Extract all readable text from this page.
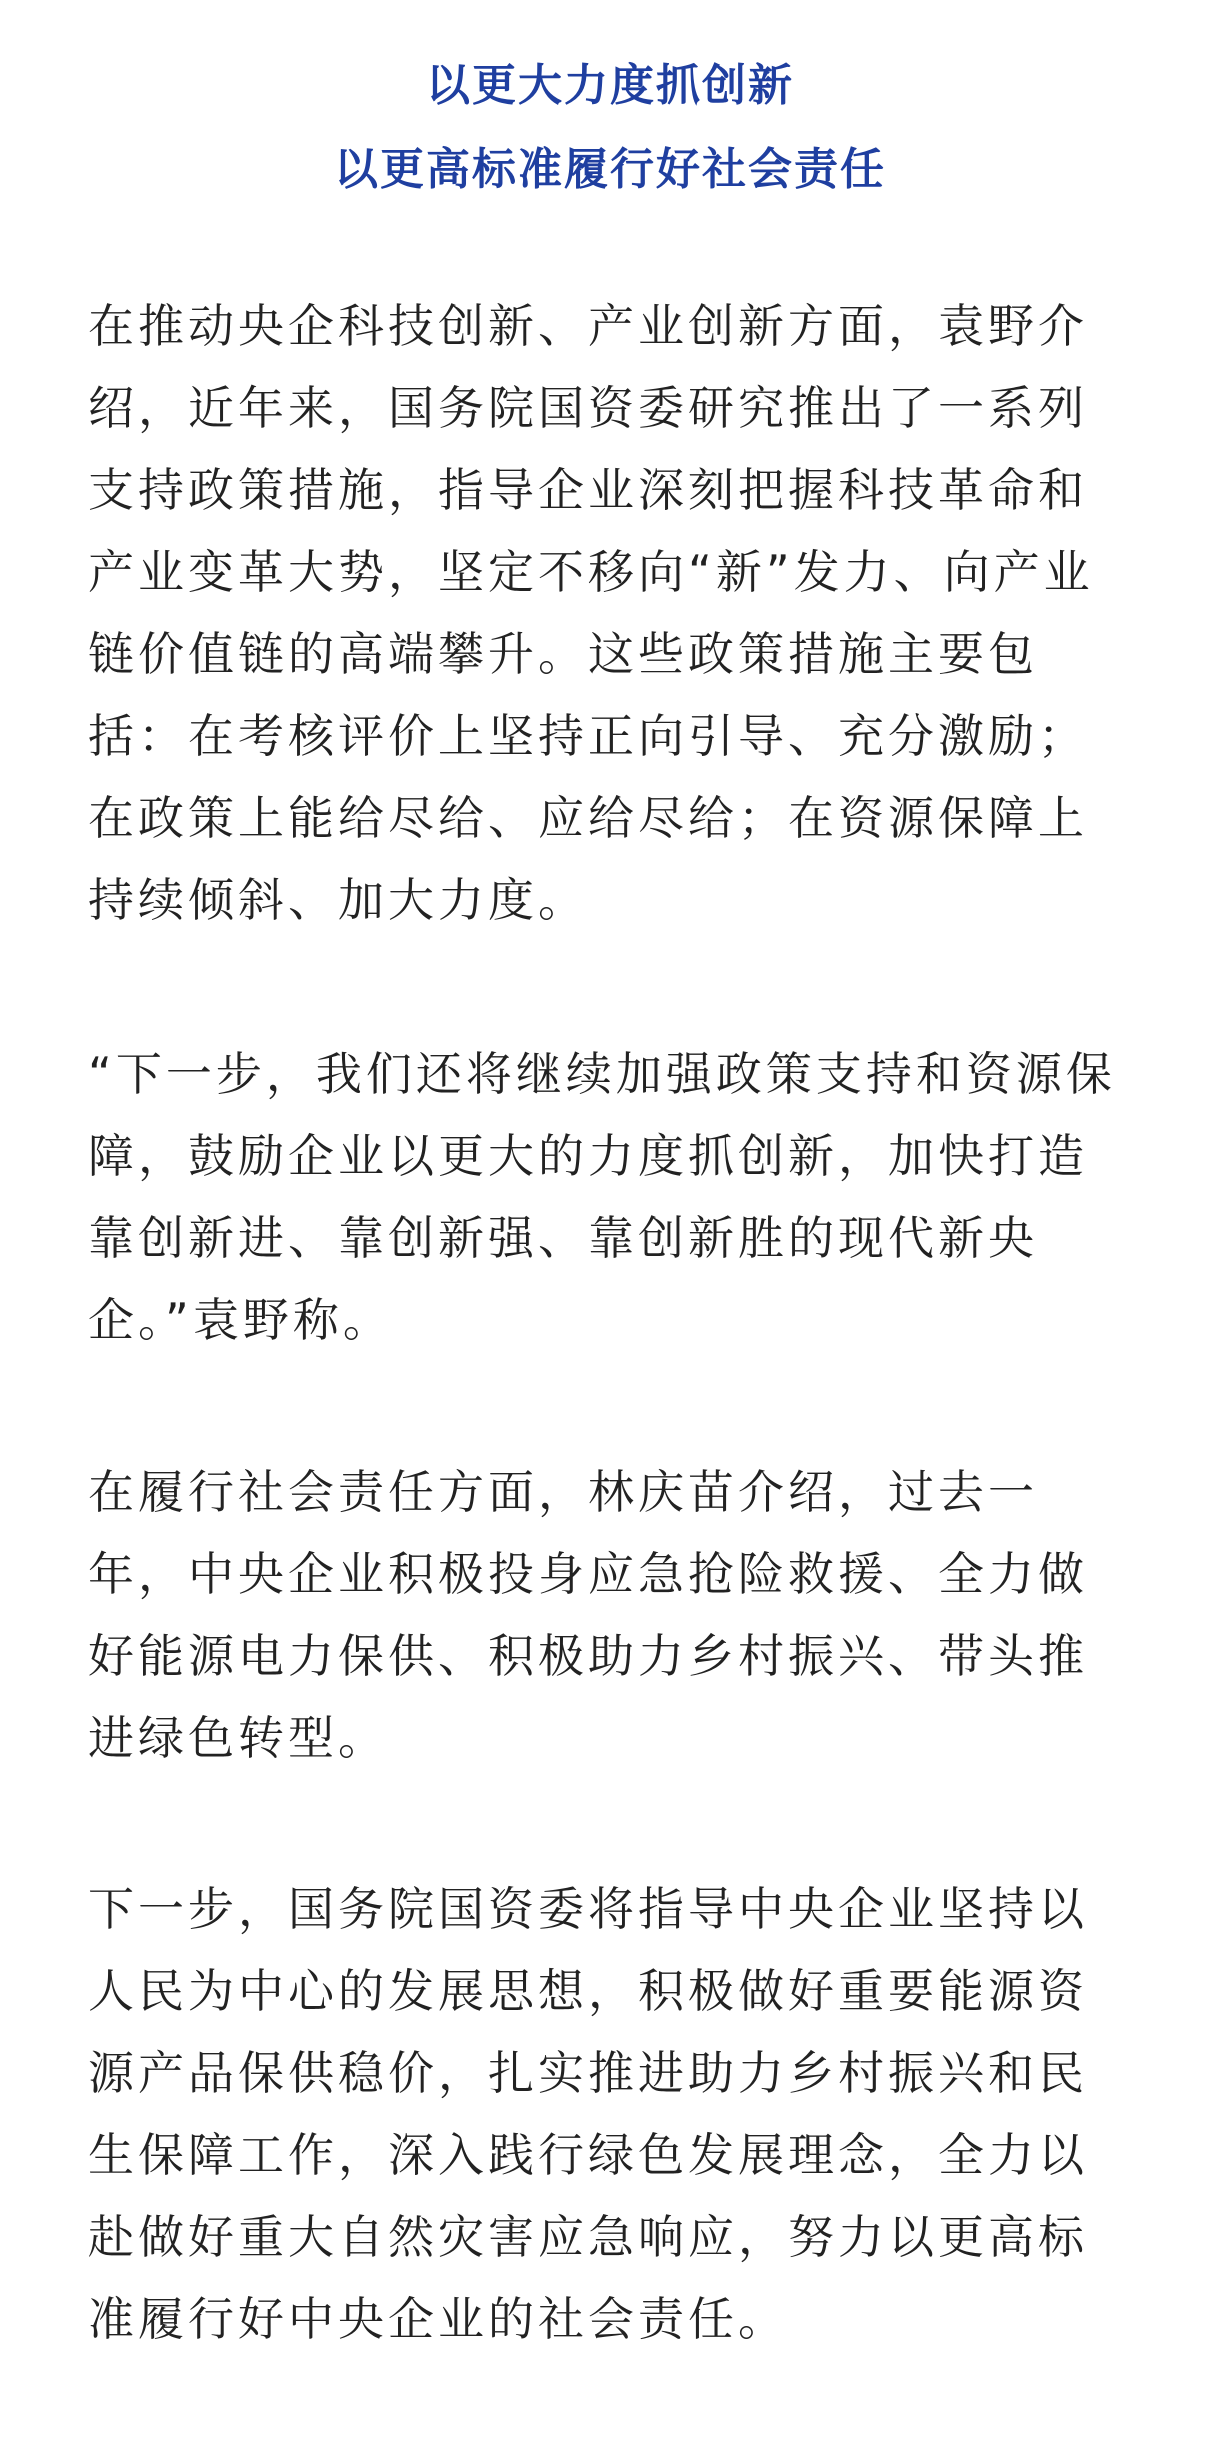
以更大力度抓创新
以更高标准履行好社会责任

在推动央企科技创新、产业创新方面，袁野介
绍，近年来，国务院国资委研究推出了一系列
支持政策措施，指导企业深刻把握科技革命和
产业变革大势，坚定不移向“新”发力、向产业
链价值链的高端攀升。这些政策措施主要包
括：在考核评价上坚持正向引导、充分激励；
在政策上能给尽给、应给尽给；在资源保障上
持续倾斜、加大力度。

“下一步，我们还将继续加强政策支持和资源保
障，鼓励企业以更大的力度抓创新，加快打造
靠创新进、靠创新强、靠创新胜的现代新央
企。”袁野称。

在履行社会责任方面，林庆苗介绍，过去一
年，中央企业积极投身应急抢险救援、全力做
好能源电力保供、积极助力乡村振兴、带头推
进绿色转型。

下一步，国务院国资委将指导中央企业坚持以
人民为中心的发展思想，积极做好重要能源资
源产品保供稳价，扎实推进助力乡村振兴和民
生保障工作，深入践行绿色发展理念，全力以
赴做好重大自然灾害应急响应，努力以更高标
准履行好中央企业的社会责任。
